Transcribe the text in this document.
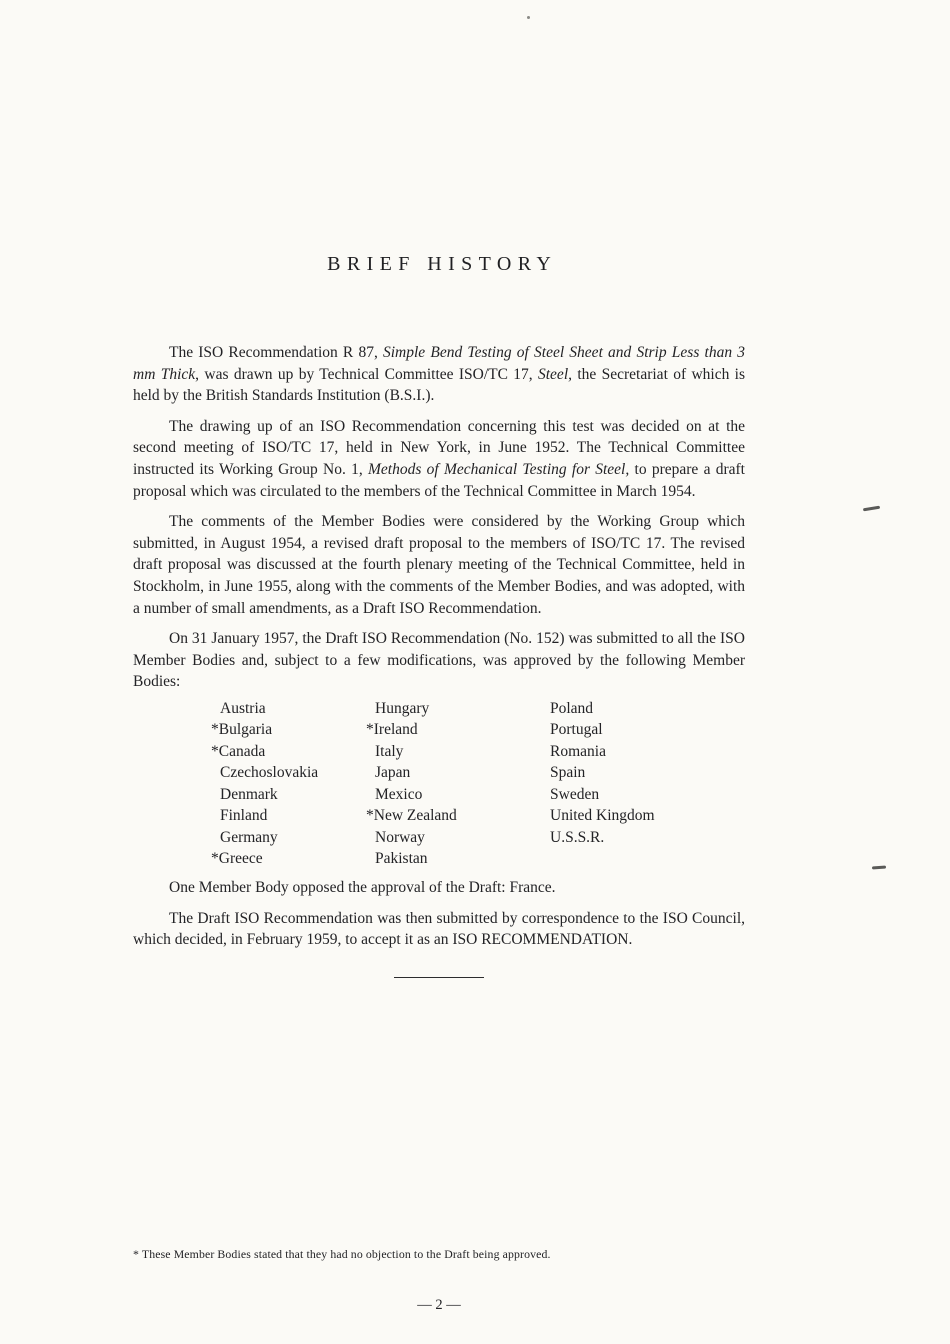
BRIEF HISTORY

The ISO Recommendation R 87, Simple Bend Testing of Steel Sheet and Strip Less than 3 mm Thick, was drawn up by Technical Committee ISO/TC 17, Steel, the Secretariat of which is held by the British Standards Institution (B.S.I.).

The drawing up of an ISO Recommendation concerning this test was decided on at the second meeting of ISO/TC 17, held in New York, in June 1952. The Technical Committee instructed its Working Group No. 1, Methods of Mechanical Testing for Steel, to prepare a draft proposal which was circulated to the members of the Technical Committee in March 1954.

The comments of the Member Bodies were considered by the Working Group which submitted, in August 1954, a revised draft proposal to the members of ISO/TC 17. The revised draft proposal was discussed at the fourth plenary meeting of the Technical Committee, held in Stockholm, in June 1955, along with the comments of the Member Bodies, and was adopted, with a number of small amendments, as a Draft ISO Recommendation.

On 31 January 1957, the Draft ISO Recommendation (No. 152) was submitted to all the ISO Member Bodies and, subject to a few modifications, was approved by the following Member Bodies:

Austria
*Bulgaria
*Canada
Czechoslovakia
Denmark
Finland
Germany
*Greece
Hungary
*Ireland
Italy
Japan
Mexico
*New Zealand
Norway
Pakistan
Poland
Portugal
Romania
Spain
Sweden
United Kingdom
U.S.S.R.

One Member Body opposed the approval of the Draft: France.

The Draft ISO Recommendation was then submitted by correspondence to the ISO Council, which decided, in February 1959, to accept it as an ISO RECOMMENDATION.

* These Member Bodies stated that they had no objection to the Draft being approved.
— 2 —
